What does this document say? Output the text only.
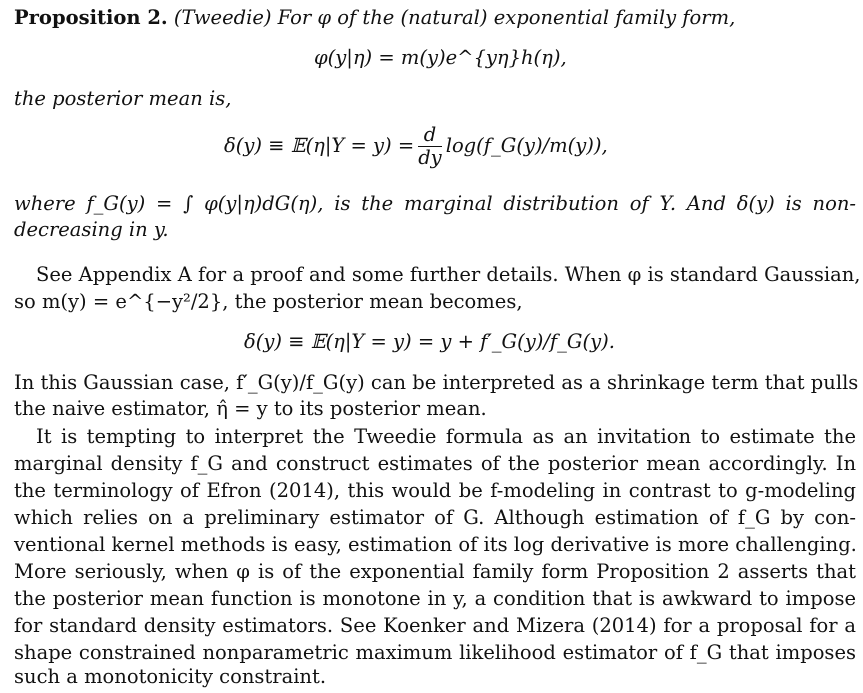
Proposition 2. (Tweedie) For φ of the (natural) exponential family form,
φ(y|η) = m(y)e^{yη}h(η),
the posterior mean is,
δ(y) ≡ 𝔼(η|Y = $y) = \frac{d}{dy}$ log(f_G(y)/m(y)),
where f_G(y) = ∫ φ(y|η)dG(η), is the marginal distribution of Y. And δ(y) is non-
decreasing in y.
See Appendix A for a proof and some further details. When φ is standard Gaussian,
so m(y) = e^{−y²/2}, the posterior mean becomes,
δ(y) ≡ 𝔼(η|Y = y) = y + f′_G(y)/f_G(y).
In this Gaussian case, f′_G(y)/f_G(y) can be interpreted as a shrinkage term that pulls
the naive estimator, η̂ = y to its posterior mean.
It is tempting to interpret the Tweedie formula as an invitation to estimate the
marginal density f_G and construct estimates of the posterior mean accordingly. In
the terminology of Efron (2014), this would be f-modeling in contrast to g-modeling
which relies on a preliminary estimator of G. Although estimation of f_G by con-
ventional kernel methods is easy, estimation of its log derivative is more challenging.
More seriously, when φ is of the exponential family form Proposition 2 asserts that
the posterior mean function is monotone in y, a condition that is awkward to impose
for standard density estimators. See Koenker and Mizera (2014) for a proposal for a
shape constrained nonparametric maximum likelihood estimator of f_G that imposes
such a monotonicity constraint.
